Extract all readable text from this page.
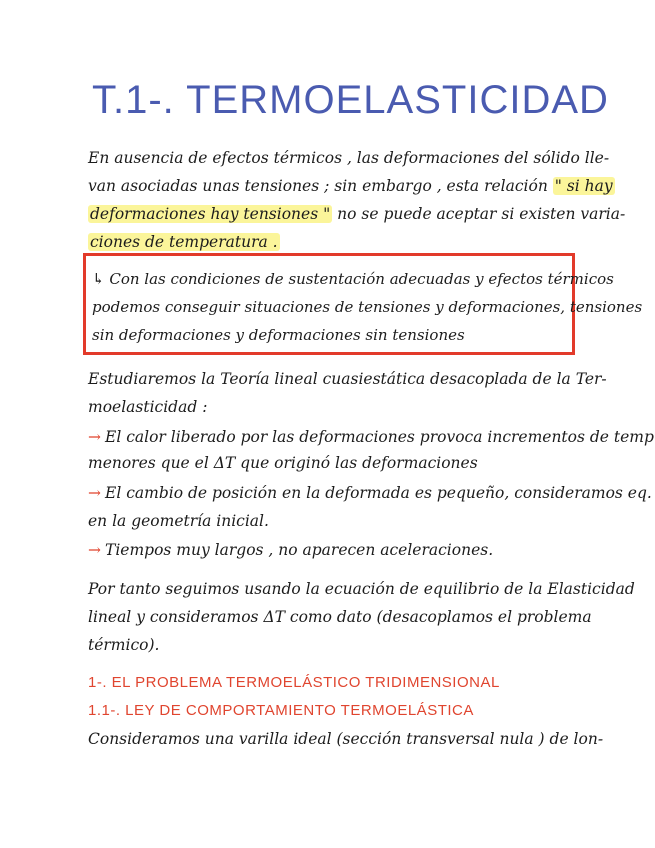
T.1-. TERMOELASTICIDAD
En ausencia de efectos térmicos , las deformaciones del sólido lle-
van asociadas unas tensiones ; sin embargo , esta relación " si hay
deformaciones hay tensiones " no se puede aceptar si existen varia-
ciones de temperatura .
↳ Con las condiciones de sustentación adecuadas y efectos térmicos
podemos conseguir situaciones de tensiones y deformaciones, tensiones
sin deformaciones y deformaciones sin tensiones
Estudiaremos la Teoría lineal cuasiestática desacoplada de la Ter-
moelasticidad :
→ El calor liberado por las deformaciones provoca incrementos de temp
menores que el ΔT que originó las deformaciones
→ El cambio de posición en la deformada es pequeño, consideramos eq.
en la geometría inicial.
→ Tiempos muy largos , no aparecen aceleraciones.
Por tanto seguimos usando la ecuación de equilibrio de la Elasticidad
lineal y consideramos ΔT como dato (desacoplamos el problema
térmico).
1-. EL PROBLEMA TERMOELÁSTICO TRIDIMENSIONAL
1.1-. LEY DE COMPORTAMIENTO TERMOELÁSTICA
Consideramos una varilla ideal (sección transversal nula ) de lon-
